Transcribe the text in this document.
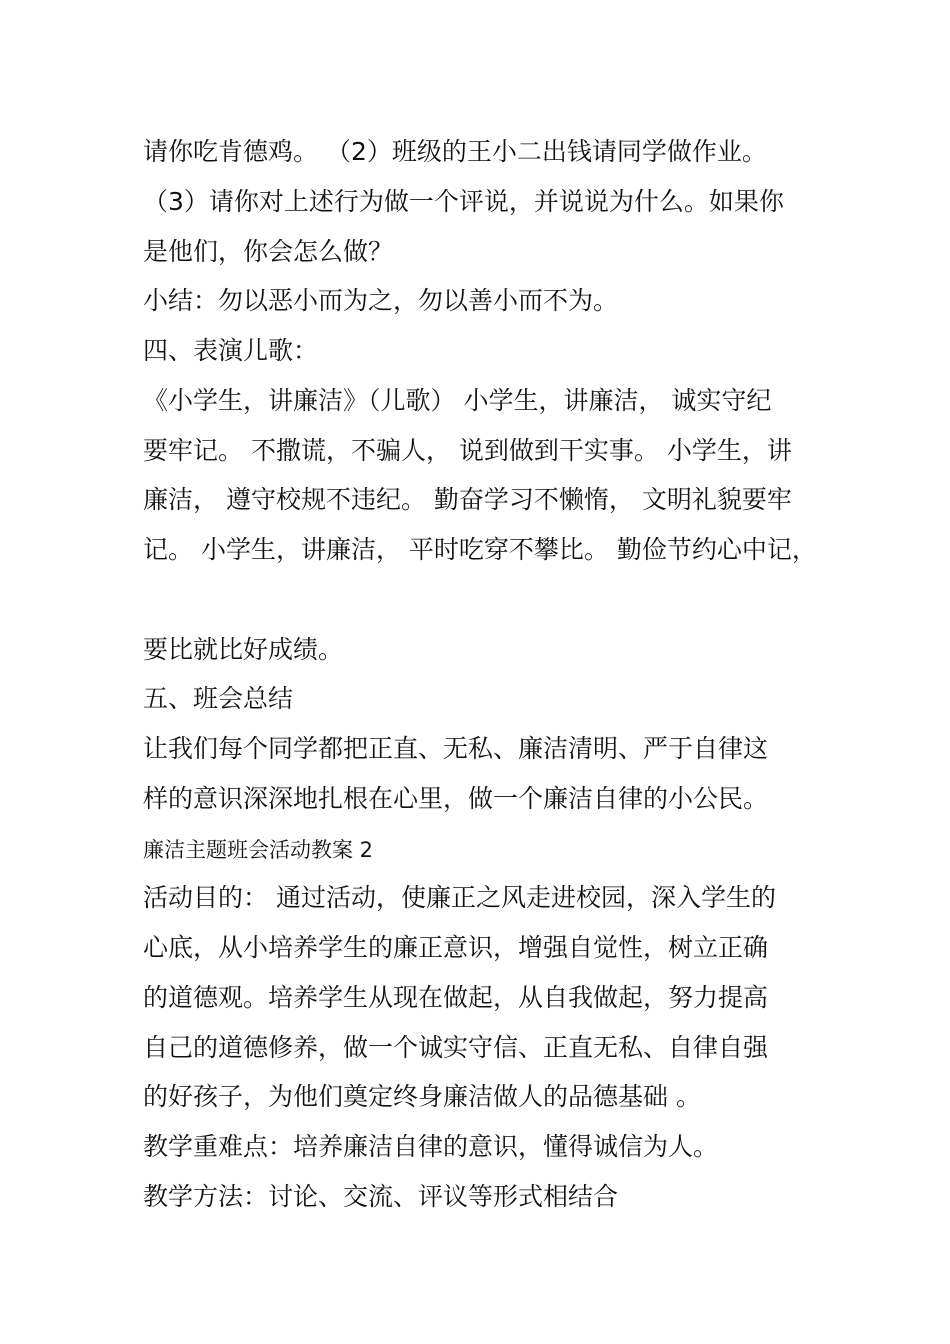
请你吃肯德鸡。 （2）班级的王小二出钱请同学做作业。
（3）请你对上述行为做一个评说，并说说为什么。如果你
是他们，你会怎么做？
小结：勿以恶小而为之，勿以善小而不为。
四、表演儿歌：
《小学生，讲廉洁》（儿歌） 小学生，讲廉洁， 诚实守纪
要牢记。 不撒谎，不骗人， 说到做到干实事。 小学生，讲
廉洁， 遵守校规不违纪。 勤奋学习不懒惰， 文明礼貌要牢
记。 小学生，讲廉洁， 平时吃穿不攀比。 勤俭节约心中记，
要比就比好成绩。
五、班会总结
让我们每个同学都把正直、无私、廉洁清明、严于自律这
样的意识深深地扎根在心里，做一个廉洁自律的小公民。
廉洁主题班会活动教案 2
活动目的： 通过活动，使廉正之风走进校园，深入学生的
心底，从小培养学生的廉正意识，增强自觉性，树立正确
的道德观。培养学生从现在做起，从自我做起，努力提高
自己的道德修养，做一个诚实守信、正直无私、自律自强
的好孩子，为他们奠定终身廉洁做人的品德基础 。
教学重难点：培养廉洁自律的意识，懂得诚信为人。
教学方法：讨论、交流、评议等形式相结合
